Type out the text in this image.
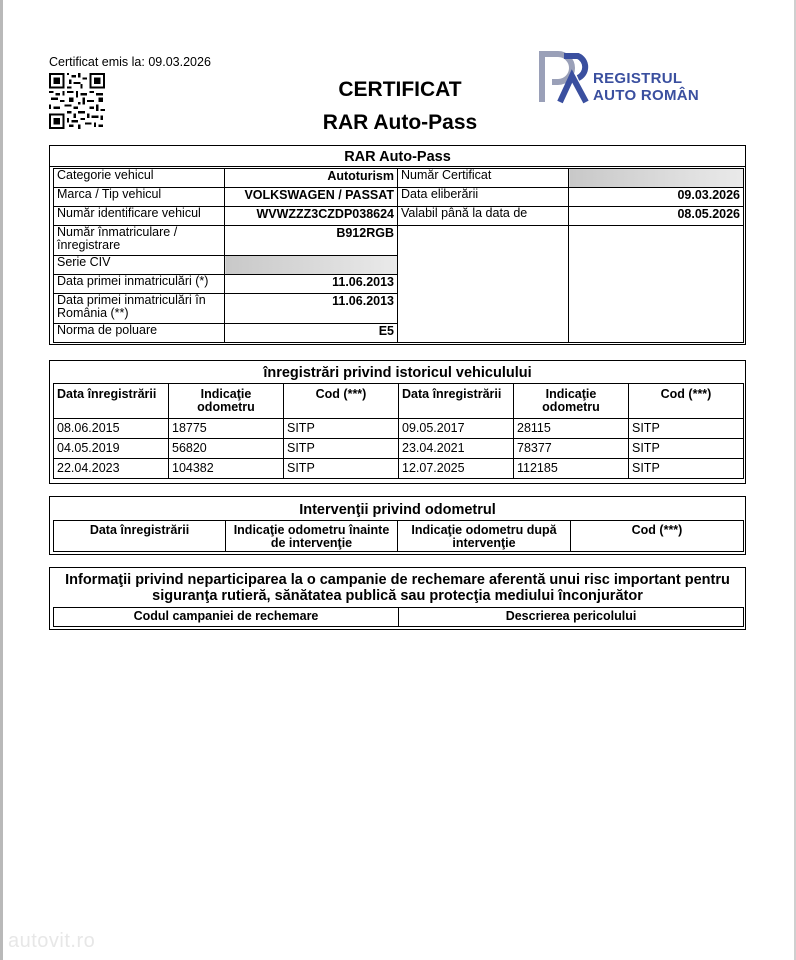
Certificat emis la: 09.03.2026
CERTIFICAT
RAR Auto-Pass
REGISTRUL
AUTO ROMÂN
RAR Auto-Pass
Categorie vehicul	Autoturism	Număr Certificat	
Marca / Tip vehicul	VOLKSWAGEN / PASSAT	Data eliberării	09.03.2026
Număr identificare vehicul	WVWZZZ3CZDP038624	Valabil până la data de	08.05.2026
Număr înmatriculare / înregistrare	B912RGB		
Serie CIV			
Data primei inmatriculări (*)	11.06.2013		
Data primei inmatriculări în România (**)	11.06.2013		
Norma de poluare	E5		
înregistrări privind istoricul vehiculului
Data înregistrării	Indicaţie odometru	Cod (***)	Data înregistrării	Indicaţie odometru	Cod (***)
08.06.2015	18775	SITP	09.05.2017	28115	SITP
04.05.2019	56820	SITP	23.04.2021	78377	SITP
22.04.2023	104382	SITP	12.07.2025	112185	SITP
Intervenţii privind odometrul
Data înregistrării	Indicaţie odometru înainte de intervenţie	Indicaţie odometru după intervenţie	Cod (***)
Informaţii privind neparticiparea la o campanie de rechemare aferentă unui risc important pentru siguranţa rutieră, sănătatea publică sau protecţia mediului înconjurător
Codul campaniei de rechemare	Descrierea pericolului
autovit.ro
